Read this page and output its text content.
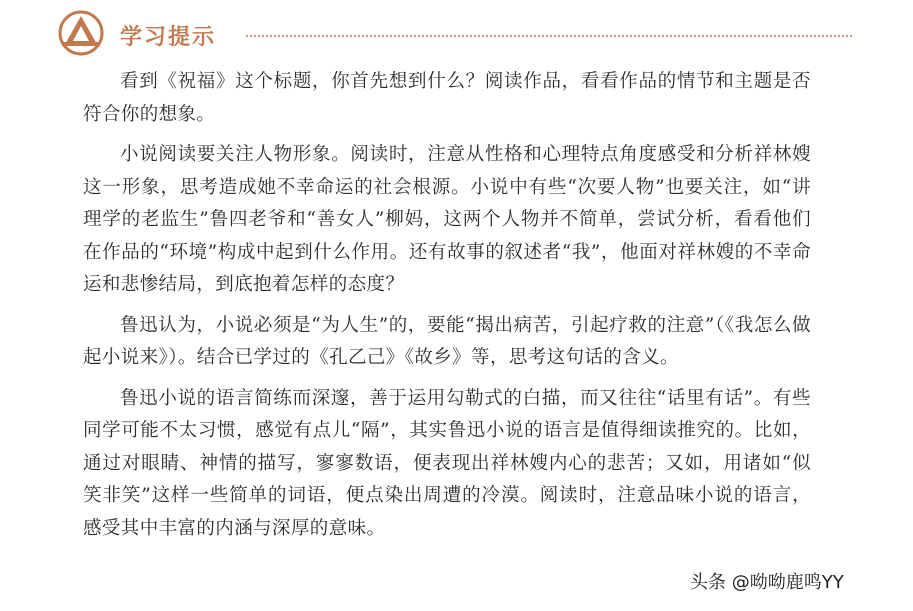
学习提示

看到《祝福》这个标题，你首先想到什么？阅读作品，看看作品的情节和主题是否符合你的想象。

小说阅读要关注人物形象。阅读时，注意从性格和心理特点角度感受和分析祥林嫂这一形象，思考造成她不幸命运的社会根源。小说中有些“次要人物”也要关注，如“讲理学的老监生”鲁四老爷和“善女人”柳妈，这两个人物并不简单，尝试分析，看看他们在作品的“环境”构成中起到什么作用。还有故事的叙述者“我”，他面对祥林嫂的不幸命运和悲惨结局，到底抱着怎样的态度？

鲁迅认为，小说必须是“为人生”的，要能“揭出病苦，引起疗救的注意”（《我怎么做起小说来》）。结合已学过的《孔乙己》《故乡》等，思考这句话的含义。

鲁迅小说的语言简练而深邃，善于运用勾勒式的白描，而又往往“话里有话”。有些同学可能不太习惯，感觉有点儿“隔”，其实鲁迅小说的语言是值得细读推究的。比如，通过对眼睛、神情的描写，寥寥数语，便表现出祥林嫂内心的悲苦；又如，用诸如“似笑非笑”这样一些简单的词语，便点染出周遭的冷漠。阅读时，注意品味小说的语言，感受其中丰富的内涵与深厚的意味。

头条 @呦呦鹿鸣YY
